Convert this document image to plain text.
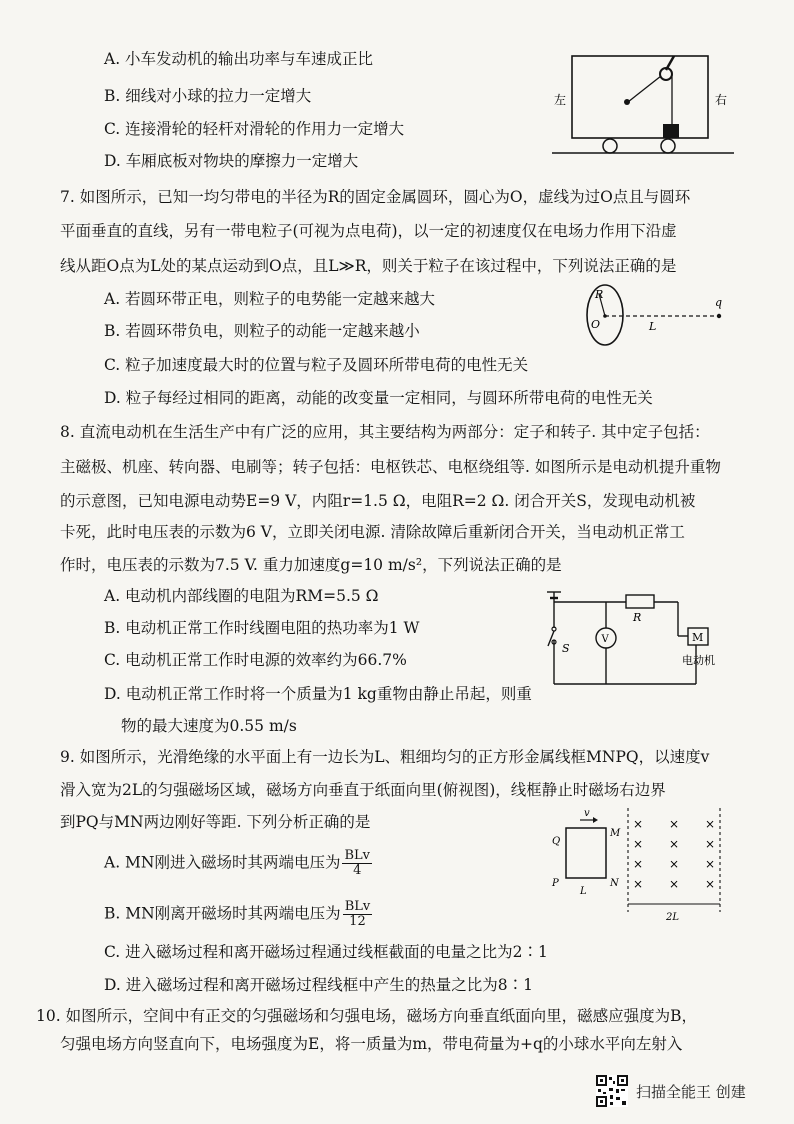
A. 小车发动机的输出功率与车速成正比
B. 细线对小球的拉力一定增大
C. 连接滑轮的轻杆对滑轮的作用力一定增大
D. 车厢底板对物块的摩擦力一定增大
左	右
7. 如图所示，已知一均匀带电的半径为R的固定金属圆环，圆心为O，虚线为过O点且与圆环
平面垂直的直线，另有一带电粒子(可视为点电荷)，以一定的初速度仅在电场力作用下沿虚
线从距O点为L处的某点运动到O点，且L≫R，则关于粒子在该过程中，下列说法正确的是
A. 若圆环带正电，则粒子的电势能一定越来越大
B. 若圆环带负电，则粒子的动能一定越来越小
C. 粒子加速度最大时的位置与粒子及圆环所带电荷的电性无关
D. 粒子每经过相同的距离，动能的改变量一定相同，与圆环所带电荷的电性无关
R
O	L
q
8. 直流电动机在生活生产中有广泛的应用，其主要结构为两部分：定子和转子. 其中定子包括：
主磁极、机座、转向器、电刷等；转子包括：电枢铁芯、电枢绕组等. 如图所示是电动机提升重物
的示意图，已知电源电动势E=9 V，内阻r=1.5 Ω，电阻R=2 Ω. 闭合开关S，发现电动机被
卡死，此时电压表的示数为6 V，立即关闭电源. 清除故障后重新闭合开关，当电动机正常工
作时，电压表的示数为7.5 V. 重力加速度g=10 m/s²，下列说法正确的是
A. 电动机内部线圈的电阻为RM=5.5 Ω
B. 电动机正常工作时线圈电阻的热功率为1 W
C. 电动机正常工作时电源的效率约为66.7%
D. 电动机正常工作时将一个质量为1 kg重物由静止吊起，则重
物的最大速度为0.55 m/s
S
V
R
M
电动机
9. 如图所示，光滑绝缘的水平面上有一边长为L、粗细均匀的正方形金属线框MNPQ，以速度v
滑入宽为2L的匀强磁场区域，磁场方向垂直于纸面向里(俯视图)，线框静止时磁场右边界
到PQ与MN两边刚好等距. 下列分析正确的是
A. MN刚进入磁场时其两端电压为 $\frac{\text{BLv}}{4}$
B. MN刚离开磁场时其两端电压为 $\frac{\text{BLv}}{12}$
C. 进入磁场过程和离开磁场过程通过线框截面的电量之比为2∶1
D. 进入磁场过程和离开磁场过程线框中产生的热量之比为8∶1
v
Q
M
P	N
L
× × ×
× × ×
× × ×
× × ×
2L
10. 如图所示，空间中有正交的匀强磁场和匀强电场，磁场方向垂直纸面向里，磁感应强度为B，
匀强电场方向竖直向下，电场强度为E，将一质量为m，带电荷量为+q的小球水平向左射入
扫描全能王 创建
